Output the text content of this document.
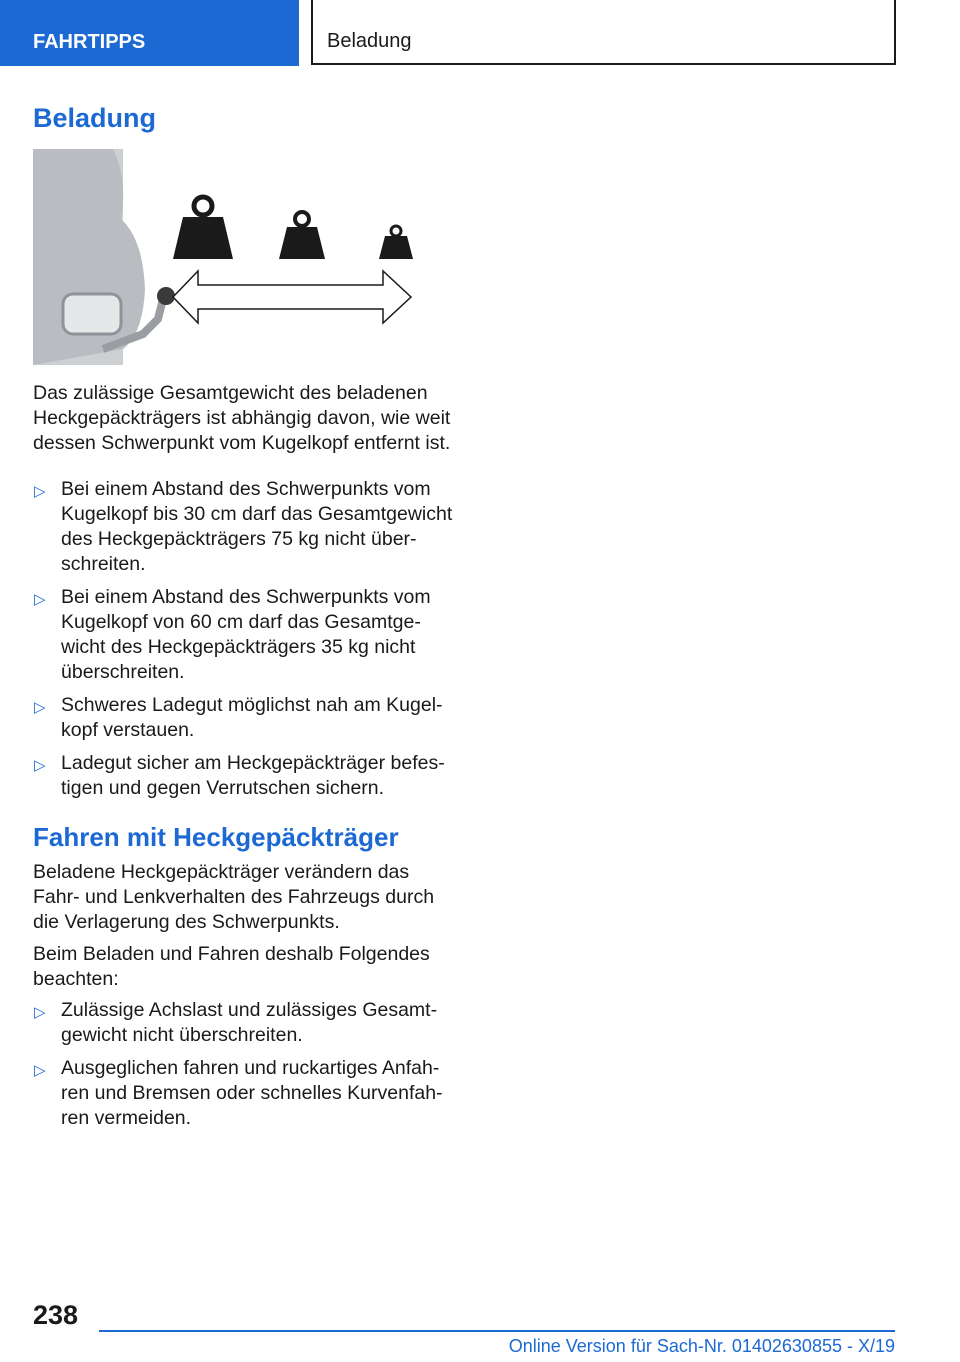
FAHRTIPPS	Beladung
Beladung

Das zulässige Gesamtgewicht des beladenen Heckgepäckträgers ist abhängig davon, wie weit dessen Schwerpunkt vom Kugelkopf entfernt ist.

▷ Bei einem Abstand des Schwerpunkts vom Kugelkopf bis 30 cm darf das Gesamtgewicht des Heckgepäckträgers 75 kg nicht über-schreiten.
▷ Bei einem Abstand des Schwerpunkts vom Kugelkopf von 60 cm darf das Gesamtge-wicht des Heckgepäckträgers 35 kg nicht überschreiten.
▷ Schweres Ladegut möglichst nah am Kugel-kopf verstauen.
▷ Ladegut sicher am Heckgepäckträger befes-tigen und gegen Verrutschen sichern.
Fahren mit Heckgepäckträger

Beladene Heckgepäckträger verändern das Fahr- und Lenkverhalten des Fahrzeugs durch die Verlagerung des Schwerpunkts.

Beim Beladen und Fahren deshalb Folgendes beachten:

▷ Zulässige Achslast und zulässiges Gesamt-gewicht nicht überschreiten.
▷ Ausgeglichen fahren und ruckartiges Anfah-ren und Bremsen oder schnelles Kurvenfah-ren vermeiden.
238
Online Version für Sach-Nr. 01402630855 - X/19
